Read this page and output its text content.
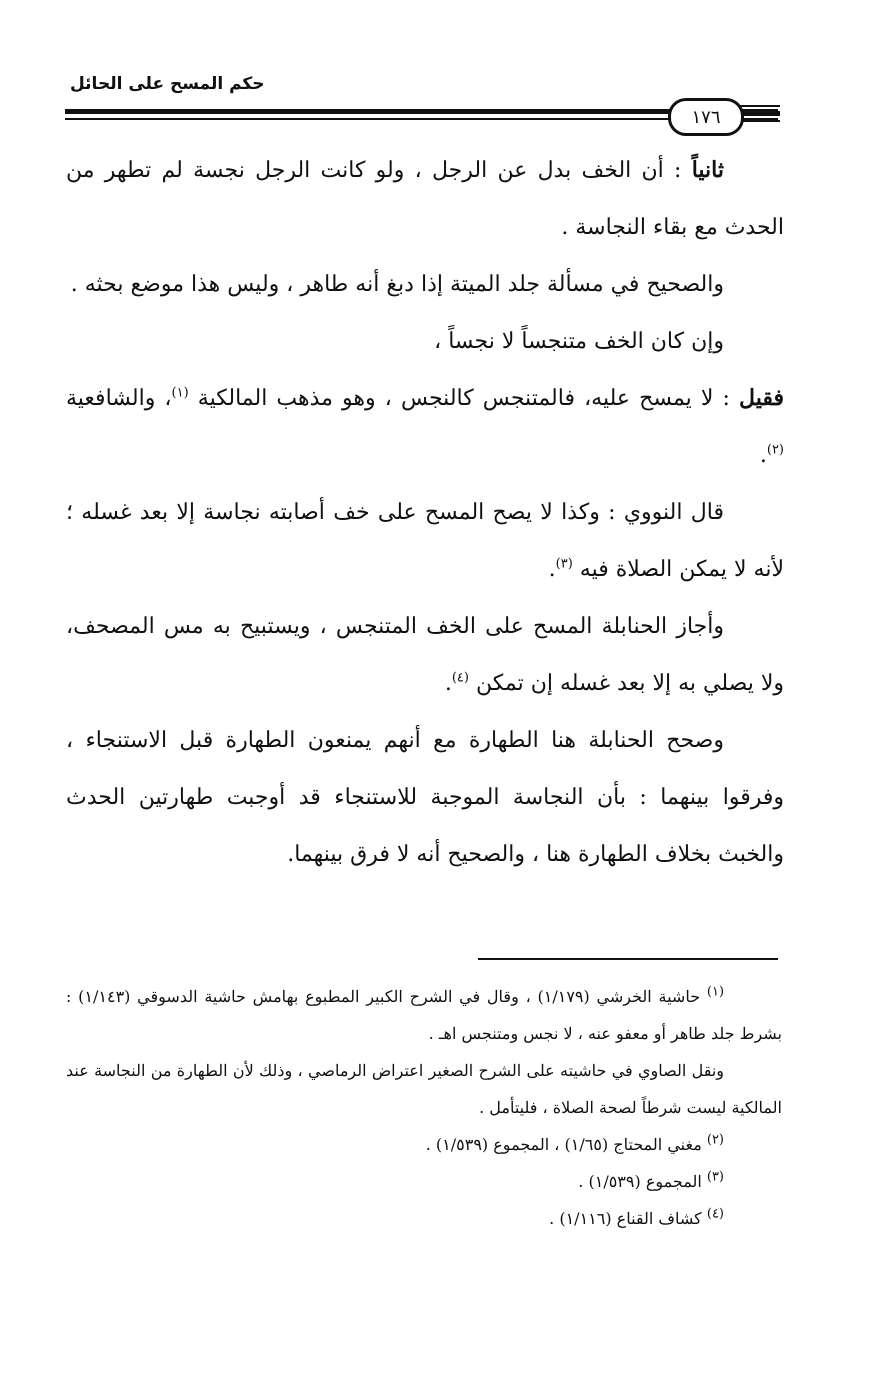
حكم المسح على الحائل
١٧٦

ثانياً : أن الخف بدل عن الرجل ، ولو كانت الرجل نجسة لم تطهر من الحدث مع بقاء النجاسة .

والصحيح في مسألة جلد الميتة إذا دبغ أنه طاهر ، وليس هذا موضع بحثه .

وإن كان الخف متنجساً لا نجساً ،

فقيل : لا يمسح عليه، فالمتنجس كالنجس ، وهو مذهب المالكية $^{(١)}$، والشافعية $^{(٢)}$.

قال النووي : وكذا لا يصح المسح على خف أصابته نجاسة إلا بعد غسله ؛ لأنه لا يمكن الصلاة فيه $^{(٣)}$.

وأجاز الحنابلة المسح على الخف المتنجس ، ويستبيح به مس المصحف، ولا يصلي به إلا بعد غسله إن تمكن $^{(٤)}$.

وصحح الحنابلة هنا الطهارة مع أنهم يمنعون الطهارة قبل الاستنجاء ، وفرقوا بينهما : بأن النجاسة الموجبة للاستنجاء قد أوجبت طهارتين الحدث والخبث بخلاف الطهارة هنا ، والصحيح أنه لا فرق بينهما.

$^{(١)}$ حاشية الخرشي (١/١٧٩) ، وقال في الشرح الكبير المطبوع بهامش حاشية الدسوقي (١/١٤٣) : بشرط جلد طاهر أو معفو عنه ، لا نجس ومتنجس اهـ .

ونقل الصاوي في حاشيته على الشرح الصغير اعتراض الرماصي ، وذلك لأن الطهارة من النجاسة عند المالكية ليست شرطاً لصحة الصلاة ، فليتأمل .

$^{(٢)}$ مغني المحتاج (١/٦٥) ، المجموع (١/٥٣٩) .

$^{(٣)}$ المجموع (١/٥٣٩) .

$^{(٤)}$ كشاف القناع (١/١١٦) .
